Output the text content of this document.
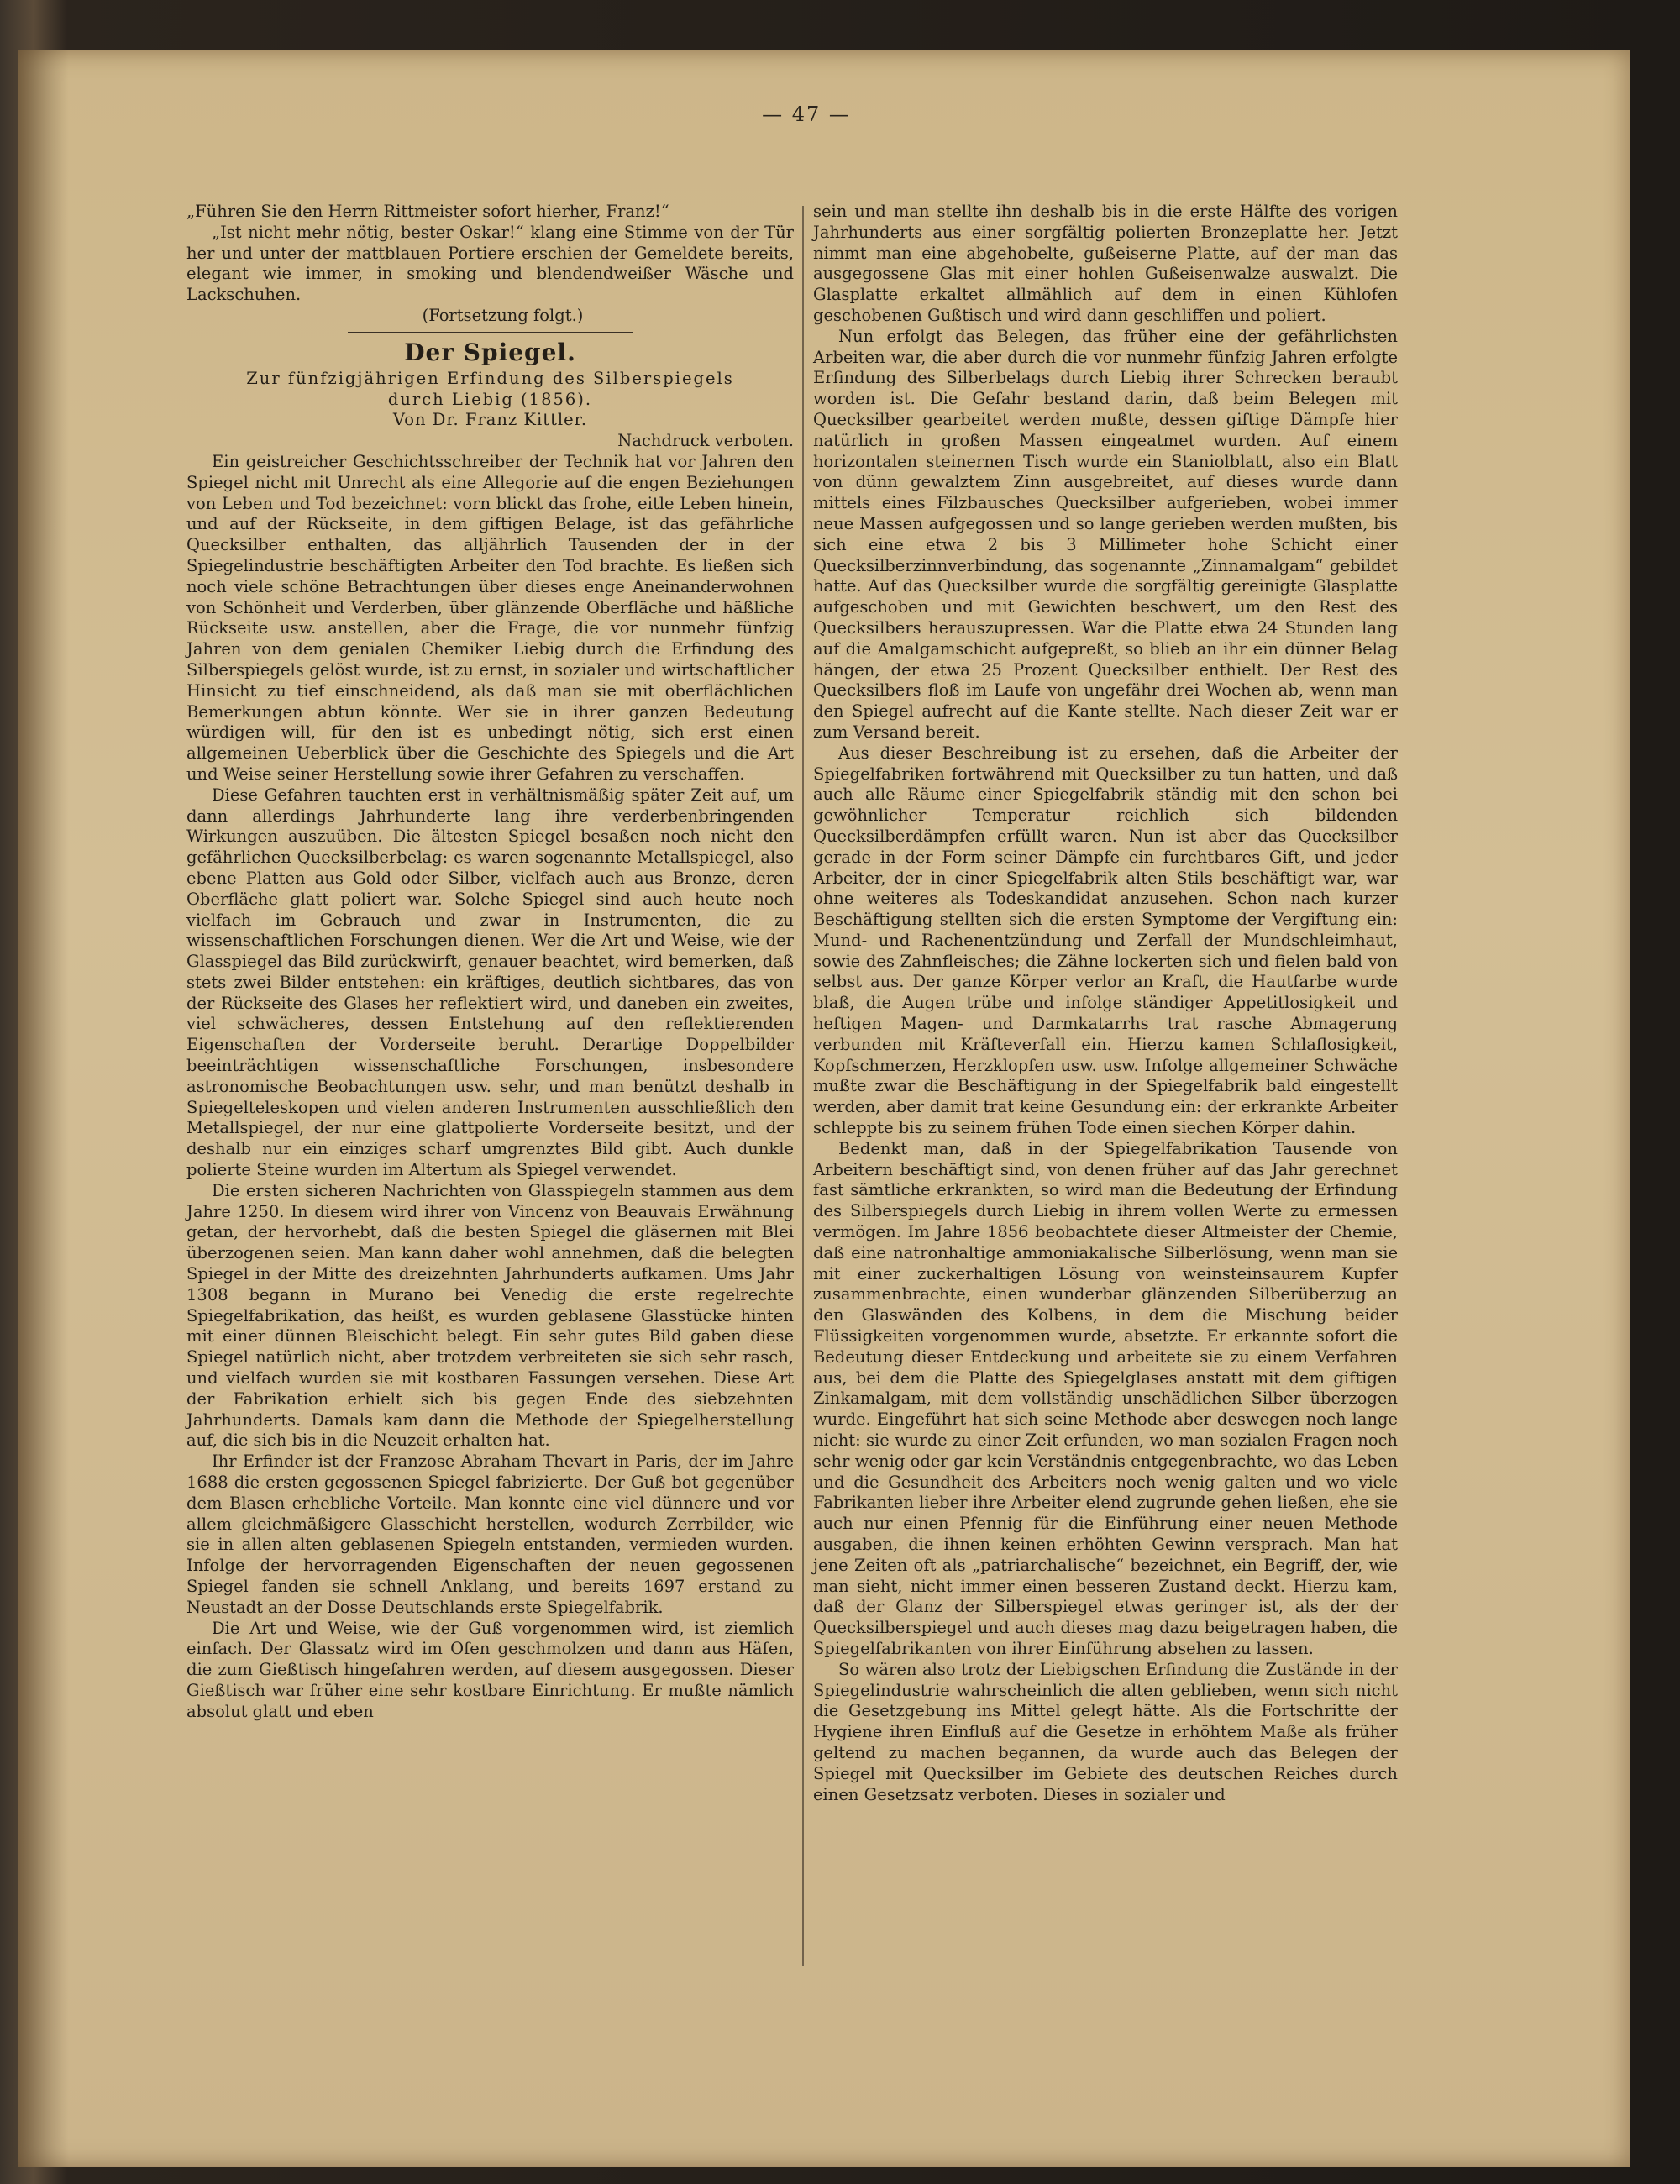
— 47 —

„Führen Sie den Herrn Rittmeister sofort hierher, Franz!“

„Ist nicht mehr nötig, bester Oskar!“ klang eine Stimme von der Tür her und unter der mattblauen Portiere erschien der Gemeldete bereits, elegant wie immer, in smoking und blendendweißer Wäsche und Lackschuhen.

(Fortsetzung folgt.)

Der Spiegel.
Zur fünfzigjährigen Erfindung des Silberspiegels
durch Liebig (1856).
Von Dr. Franz Kittler.
Nachdruck verboten.

Ein geistreicher Geschichtsschreiber der Technik hat vor Jahren den Spiegel nicht mit Unrecht als eine Allegorie auf die engen Beziehungen von Leben und Tod bezeichnet: vorn blickt das frohe, eitle Leben hinein, und auf der Rückseite, in dem giftigen Belage, ist das gefährliche Quecksilber enthalten, das alljährlich Tausenden der in der Spiegelindustrie beschäftigten Arbeiter den Tod brachte. Es ließen sich noch viele schöne Betrachtungen über dieses enge Aneinanderwohnen von Schönheit und Verderben, über glänzende Oberfläche und häßliche Rückseite usw. anstellen, aber die Frage, die vor nunmehr fünfzig Jahren von dem genialen Chemiker Liebig durch die Erfindung des Silberspiegels gelöst wurde, ist zu ernst, in sozialer und wirtschaftlicher Hinsicht zu tief einschneidend, als daß man sie mit oberflächlichen Bemerkungen abtun könnte. Wer sie in ihrer ganzen Bedeutung würdigen will, für den ist es unbedingt nötig, sich erst einen allgemeinen Ueberblick über die Geschichte des Spiegels und die Art und Weise seiner Herstellung sowie ihrer Gefahren zu verschaffen.

Diese Gefahren tauchten erst in verhältnismäßig später Zeit auf, um dann allerdings Jahrhunderte lang ihre verderbenbringenden Wirkungen auszuüben. Die ältesten Spiegel besaßen noch nicht den gefährlichen Quecksilberbelag: es waren sogenannte Metallspiegel, also ebene Platten aus Gold oder Silber, vielfach auch aus Bronze, deren Oberfläche glatt poliert war. Solche Spiegel sind auch heute noch vielfach im Gebrauch und zwar in Instrumenten, die zu wissenschaftlichen Forschungen dienen. Wer die Art und Weise, wie der Glasspiegel das Bild zurückwirft, genauer beachtet, wird bemerken, daß stets zwei Bilder entstehen: ein kräftiges, deutlich sichtbares, das von der Rückseite des Glases her reflektiert wird, und daneben ein zweites, viel schwächeres, dessen Entstehung auf den reflektierenden Eigenschaften der Vorderseite beruht. Derartige Doppelbilder beeinträchtigen wissenschaftliche Forschungen, insbesondere astronomische Beobachtungen usw. sehr, und man benützt deshalb in Spiegelteleskopen und vielen anderen Instrumenten ausschließlich den Metallspiegel, der nur eine glattpolierte Vorderseite besitzt, und der deshalb nur ein einziges scharf umgrenztes Bild gibt. Auch dunkle polierte Steine wurden im Altertum als Spiegel verwendet.

Die ersten sicheren Nachrichten von Glasspiegeln stammen aus dem Jahre 1250. In diesem wird ihrer von Vincenz von Beauvais Erwähnung getan, der hervorhebt, daß die besten Spiegel die gläsernen mit Blei überzogenen seien. Man kann daher wohl annehmen, daß die belegten Spiegel in der Mitte des dreizehnten Jahrhunderts aufkamen. Ums Jahr 1308 begann in Murano bei Venedig die erste regelrechte Spiegelfabrikation, das heißt, es wurden geblasene Glasstücke hinten mit einer dünnen Bleischicht belegt. Ein sehr gutes Bild gaben diese Spiegel natürlich nicht, aber trotzdem verbreiteten sie sich sehr rasch, und vielfach wurden sie mit kostbaren Fassungen versehen. Diese Art der Fabrikation erhielt sich bis gegen Ende des siebzehnten Jahrhunderts. Damals kam dann die Methode der Spiegelherstellung auf, die sich bis in die Neuzeit erhalten hat.

Ihr Erfinder ist der Franzose Abraham Thevart in Paris, der im Jahre 1688 die ersten gegossenen Spiegel fabrizierte. Der Guß bot gegenüber dem Blasen erhebliche Vorteile. Man konnte eine viel dünnere und vor allem gleichmäßigere Glasschicht herstellen, wodurch Zerrbilder, wie sie in allen alten geblasenen Spiegeln entstanden, vermieden wurden. Infolge der hervorragenden Eigenschaften der neuen gegossenen Spiegel fanden sie schnell Anklang, und bereits 1697 erstand zu Neustadt an der Dosse Deutschlands erste Spiegelfabrik.

Die Art und Weise, wie der Guß vorgenommen wird, ist ziemlich einfach. Der Glassatz wird im Ofen geschmolzen und dann aus Häfen, die zum Gießtisch hingefahren werden, auf diesem ausgegossen. Dieser Gießtisch war früher eine sehr kostbare Einrichtung. Er mußte nämlich absolut glatt und eben

sein und man stellte ihn deshalb bis in die erste Hälfte des vorigen Jahrhunderts aus einer sorgfältig polierten Bronzeplatte her. Jetzt nimmt man eine abgehobelte, gußeiserne Platte, auf der man das ausgegossene Glas mit einer hohlen Gußeisenwalze auswalzt. Die Glasplatte erkaltet allmählich auf dem in einen Kühlofen geschobenen Gußtisch und wird dann geschliffen und poliert.

Nun erfolgt das Belegen, das früher eine der gefährlichsten Arbeiten war, die aber durch die vor nunmehr fünfzig Jahren erfolgte Erfindung des Silberbelags durch Liebig ihrer Schrecken beraubt worden ist. Die Gefahr bestand darin, daß beim Belegen mit Quecksilber gearbeitet werden mußte, dessen giftige Dämpfe hier natürlich in großen Massen eingeatmet wurden. Auf einem horizontalen steinernen Tisch wurde ein Staniolblatt, also ein Blatt von dünn gewalztem Zinn ausgebreitet, auf dieses wurde dann mittels eines Filzbausches Quecksilber aufgerieben, wobei immer neue Massen aufgegossen und so lange gerieben werden mußten, bis sich eine etwa 2 bis 3 Millimeter hohe Schicht einer Quecksilberzinnverbindung, das sogenannte „Zinnamalgam“ gebildet hatte. Auf das Quecksilber wurde die sorgfältig gereinigte Glasplatte aufgeschoben und mit Gewichten beschwert, um den Rest des Quecksilbers herauszupressen. War die Platte etwa 24 Stunden lang auf die Amalgamschicht aufgepreßt, so blieb an ihr ein dünner Belag hängen, der etwa 25 Prozent Quecksilber enthielt. Der Rest des Quecksilbers floß im Laufe von ungefähr drei Wochen ab, wenn man den Spiegel aufrecht auf die Kante stellte. Nach dieser Zeit war er zum Versand bereit.

Aus dieser Beschreibung ist zu ersehen, daß die Arbeiter der Spiegelfabriken fortwährend mit Quecksilber zu tun hatten, und daß auch alle Räume einer Spiegelfabrik ständig mit den schon bei gewöhnlicher Temperatur reichlich sich bildenden Quecksilberdämpfen erfüllt waren. Nun ist aber das Quecksilber gerade in der Form seiner Dämpfe ein furchtbares Gift, und jeder Arbeiter, der in einer Spiegelfabrik alten Stils beschäftigt war, war ohne weiteres als Todeskandidat anzusehen. Schon nach kurzer Beschäftigung stellten sich die ersten Symptome der Vergiftung ein: Mund- und Rachenentzündung und Zerfall der Mundschleimhaut, sowie des Zahnfleisches; die Zähne lockerten sich und fielen bald von selbst aus. Der ganze Körper verlor an Kraft, die Hautfarbe wurde blaß, die Augen trübe und infolge ständiger Appetitlosigkeit und heftigen Magen- und Darmkatarrhs trat rasche Abmagerung verbunden mit Kräfteverfall ein. Hierzu kamen Schlaflosigkeit, Kopfschmerzen, Herzklopfen usw. usw. Infolge allgemeiner Schwäche mußte zwar die Beschäftigung in der Spiegelfabrik bald eingestellt werden, aber damit trat keine Gesundung ein: der erkrankte Arbeiter schleppte bis zu seinem frühen Tode einen siechen Körper dahin.

Bedenkt man, daß in der Spiegelfabrikation Tausende von Arbeitern beschäftigt sind, von denen früher auf das Jahr gerechnet fast sämtliche erkrankten, so wird man die Bedeutung der Erfindung des Silberspiegels durch Liebig in ihrem vollen Werte zu ermessen vermögen. Im Jahre 1856 beobachtete dieser Altmeister der Chemie, daß eine natronhaltige ammoniakalische Silberlösung, wenn man sie mit einer zuckerhaltigen Lösung von weinsteinsaurem Kupfer zusammenbrachte, einen wunderbar glänzenden Silberüberzug an den Glaswänden des Kolbens, in dem die Mischung beider Flüssigkeiten vorgenommen wurde, absetzte. Er erkannte sofort die Bedeutung dieser Entdeckung und arbeitete sie zu einem Verfahren aus, bei dem die Platte des Spiegelglases anstatt mit dem giftigen Zinkamalgam, mit dem vollständig unschädlichen Silber überzogen wurde. Eingeführt hat sich seine Methode aber deswegen noch lange nicht: sie wurde zu einer Zeit erfunden, wo man sozialen Fragen noch sehr wenig oder gar kein Verständnis entgegenbrachte, wo das Leben und die Gesundheit des Arbeiters noch wenig galten und wo viele Fabrikanten lieber ihre Arbeiter elend zugrunde gehen ließen, ehe sie auch nur einen Pfennig für die Einführung einer neuen Methode ausgaben, die ihnen keinen erhöhten Gewinn versprach. Man hat jene Zeiten oft als „patriarchalische“ bezeichnet, ein Begriff, der, wie man sieht, nicht immer einen besseren Zustand deckt. Hierzu kam, daß der Glanz der Silberspiegel etwas geringer ist, als der der Quecksilberspiegel und auch dieses mag dazu beigetragen haben, die Spiegelfabrikanten von ihrer Einführung absehen zu lassen.

So wären also trotz der Liebigschen Erfindung die Zustände in der Spiegelindustrie wahrscheinlich die alten geblieben, wenn sich nicht die Gesetzgebung ins Mittel gelegt hätte. Als die Fortschritte der Hygiene ihren Einfluß auf die Gesetze in erhöhtem Maße als früher geltend zu machen begannen, da wurde auch das Belegen der Spiegel mit Quecksilber im Gebiete des deutschen Reiches durch einen Gesetzsatz verboten. Dieses in sozialer und
